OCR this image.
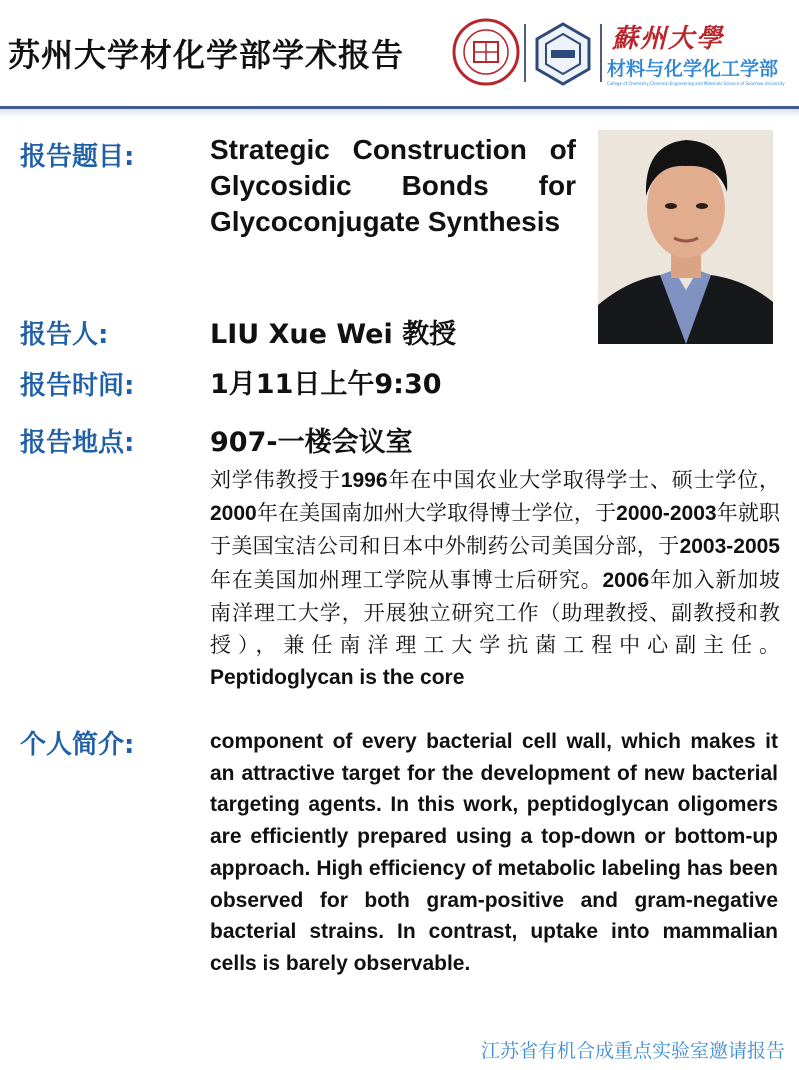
苏州大学材化学部学术报告	蘇州大學
材料与化学化工学部
College of Chemistry,Chemical Engineering and Materials Science of Soochow University
报告题目:	Strategic Construction of Glycosidic Bonds for Glycoconjugate Synthesis
报告人:	LIU Xue Wei 教授
报告时间:	1月11日上午9:30
报告地点:	907-一楼会议室
刘学伟教授于1996年在中国农业大学取得学士、硕士学位，2000年在美国南加州大学取得博士学位，于2000-2003年就职于美国宝洁公司和日本中外制药公司美国分部，于2003-2005年在美国加州理工学院从事博士后研究。2006年加入新加坡南洋理工大学，开展独立研究工作（助理教授、副教授和教授），兼任南洋理工大学抗菌工程中心副主任。Peptidoglycan is the core
个人简介:	component of every bacterial cell wall, which makes it an attractive target for the development of new bacterial targeting agents. In this work, peptidoglycan oligomers are efficiently prepared using a top-down or bottom-up approach. High efficiency of metabolic labeling has been observed for both gram-positive and gram-negative bacterial strains. In contrast, uptake into mammalian cells is barely observable.
江苏省有机合成重点实验室邀请报告
